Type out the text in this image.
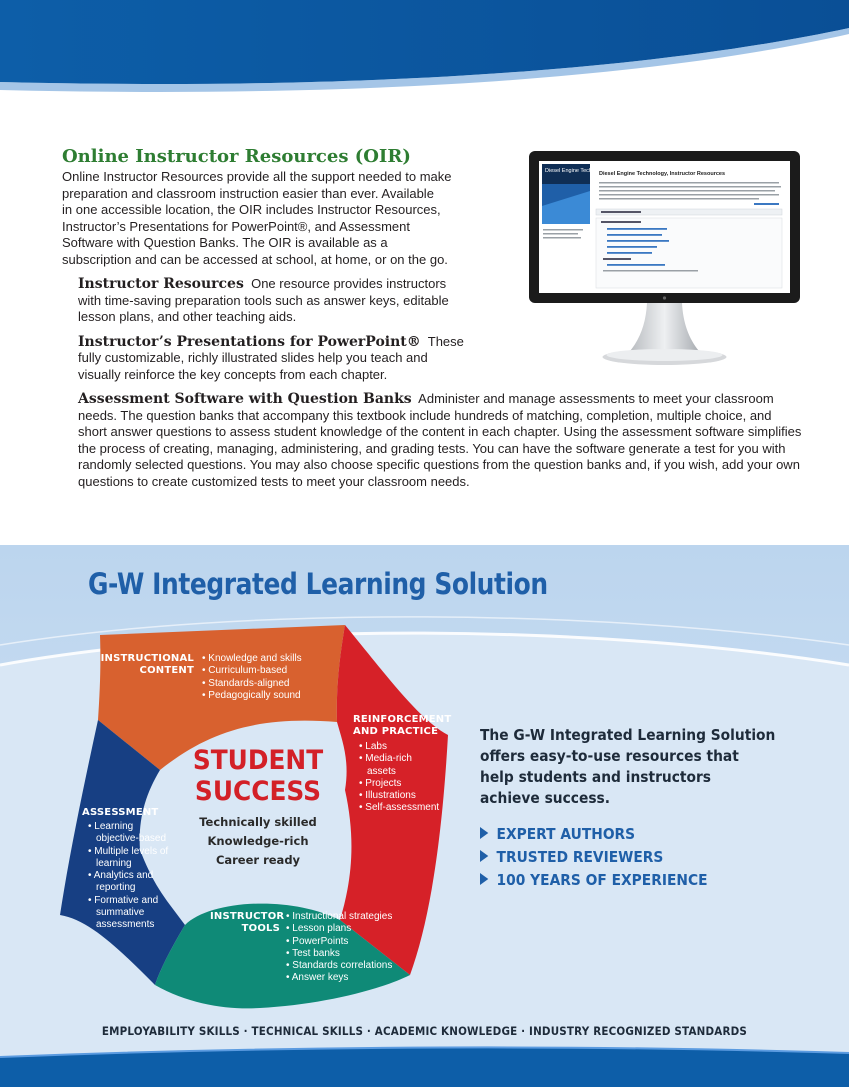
Online Instructor Resources (OIR)

Online Instructor Resources provide all the support needed to make

preparation and classroom instruction easier than ever. Available

in one accessible location, the OIR includes Instructor Resources,

Instructor’s Presentations for PowerPoint®, and Assessment

Software with Question Banks. The OIR is available as a

subscription and can be accessed at school, at home, or on the go.

Instructor Resources One resource provides instructors

with time-saving preparation tools such as answer keys, editable

lesson plans, and other teaching aids.

Instructor’s Presentations for PowerPoint® These

fully customizable, richly illustrated slides help you teach and

visually reinforce the key concepts from each chapter.

Assessment Software with Question Banks Administer and manage assessments to meet your classroom

needs. The question banks that accompany this textbook include hundreds of matching, completion, multiple choice, and

short answer questions to assess student knowledge of the content in each chapter. Using the assessment software simplifies

the process of creating, managing, administering, and grading tests. You can have the software generate a test for you with

randomly selected questions. You may also choose specific questions from the question banks and, if you wish, add your own

questions to create customized tests to meet your classroom needs.

Diesel Engine Technology
Diesel Engine Technology, Instructor Resources
G-W Integrated Learning Solution
INSTRUCTIONAL
CONTENT
• Knowledge and skills
• Curriculum-based
• Standards-aligned
• Pedagogically sound
REINFORCEMENT
AND PRACTICE
• Labs
• Media-rich assets
• Projects
• Illustrations
• Self-assessment
ASSESSMENT
• Learning objective-based
• Multiple levels of learning
• Analytics and reporting
• Formative and summative assessments
INSTRUCTOR
TOOLS
• Instructional strategies
• Lesson plans
• PowerPoints
• Test banks
• Standards correlations
• Answer keys
STUDENT
SUCCESS
Technically skilled
Knowledge-rich
Career ready
The G-W Integrated Learning Solution
offers easy-to-use resources that
help students and instructors
achieve success.
EXPERT AUTHORS
TRUSTED REVIEWERS
100 YEARS OF EXPERIENCE
EMPLOYABILITY SKILLS · TECHNICAL SKILLS · ACADEMIC KNOWLEDGE · INDUSTRY RECOGNIZED STANDARDS
